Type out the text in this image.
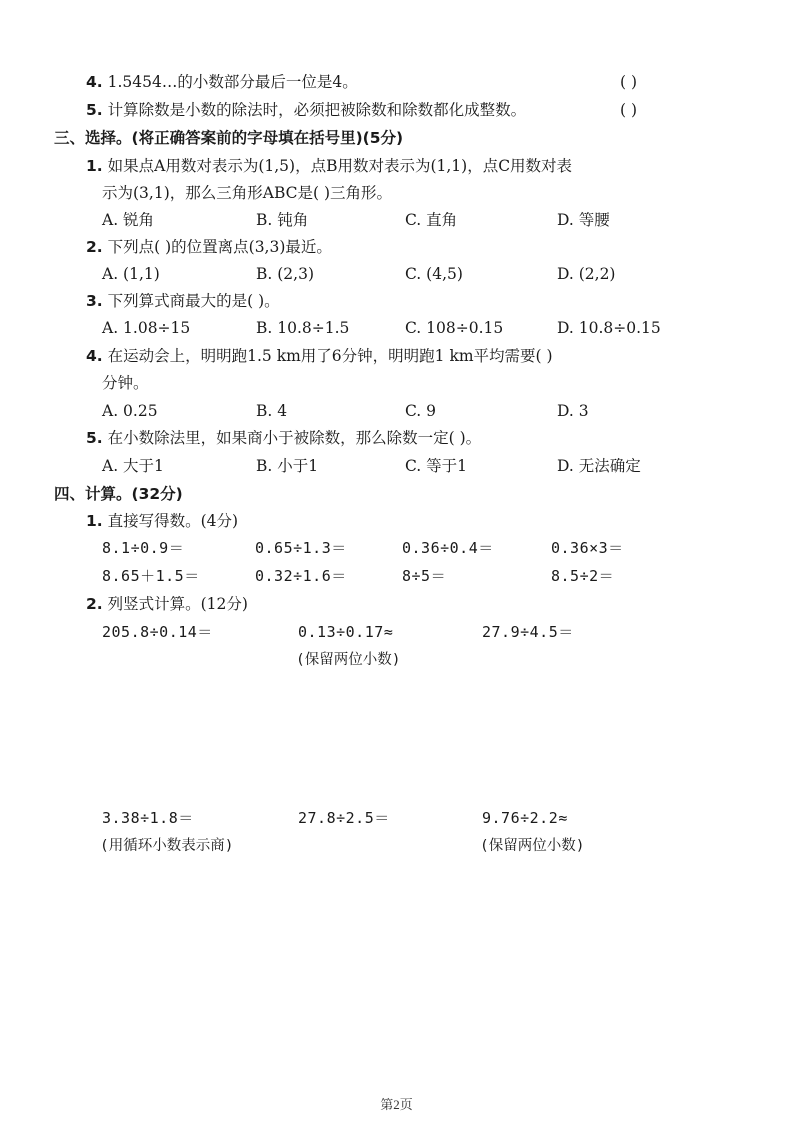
4. 1.5454…的小数部分最后一位是4。	( )
5. 计算除数是小数的除法时，必须把被除数和除数都化成整数。	( )
三、选择。(将正确答案前的字母填在括号里)(5分)
1. 如果点A用数对表示为(1,5)，点B用数对表示为(1,1)，点C用数对表
示为(3,1)，那么三角形ABC是( )三角形。
A. 锐角	B. 钝角	C. 直角	D. 等腰
2. 下列点( )的位置离点(3,3)最近。
A. (1,1)	B. (2,3)	C. (4,5)	D. (2,2)
3. 下列算式商最大的是( )。
A. 1.08÷15	B. 10.8÷1.5	C. 108÷0.15	D. 10.8÷0.15
4. 在运动会上，明明跑1.5 km用了6分钟，明明跑1 km平均需要( )
分钟。
A. 0.25	B. 4	C. 9	D. 3
5. 在小数除法里，如果商小于被除数，那么除数一定( )。
A. 大于1	B. 小于1	C. 等于1	D. 无法确定
四、计算。(32分)
1. 直接写得数。(4分)
8.1÷0.9＝	0.65÷1.3＝	0.36÷0.4＝	0.36×3＝
8.65＋1.5＝	0.32÷1.6＝	8÷5＝	8.5÷2＝
2. 列竖式计算。(12分)
205.8÷0.14＝	0.13÷0.17≈	27.9÷4.5＝
(保留两位小数)
3.38÷1.8＝	27.8÷2.5＝	9.76÷2.2≈
(用循环小数表示商)	(保留两位小数)
第2页
